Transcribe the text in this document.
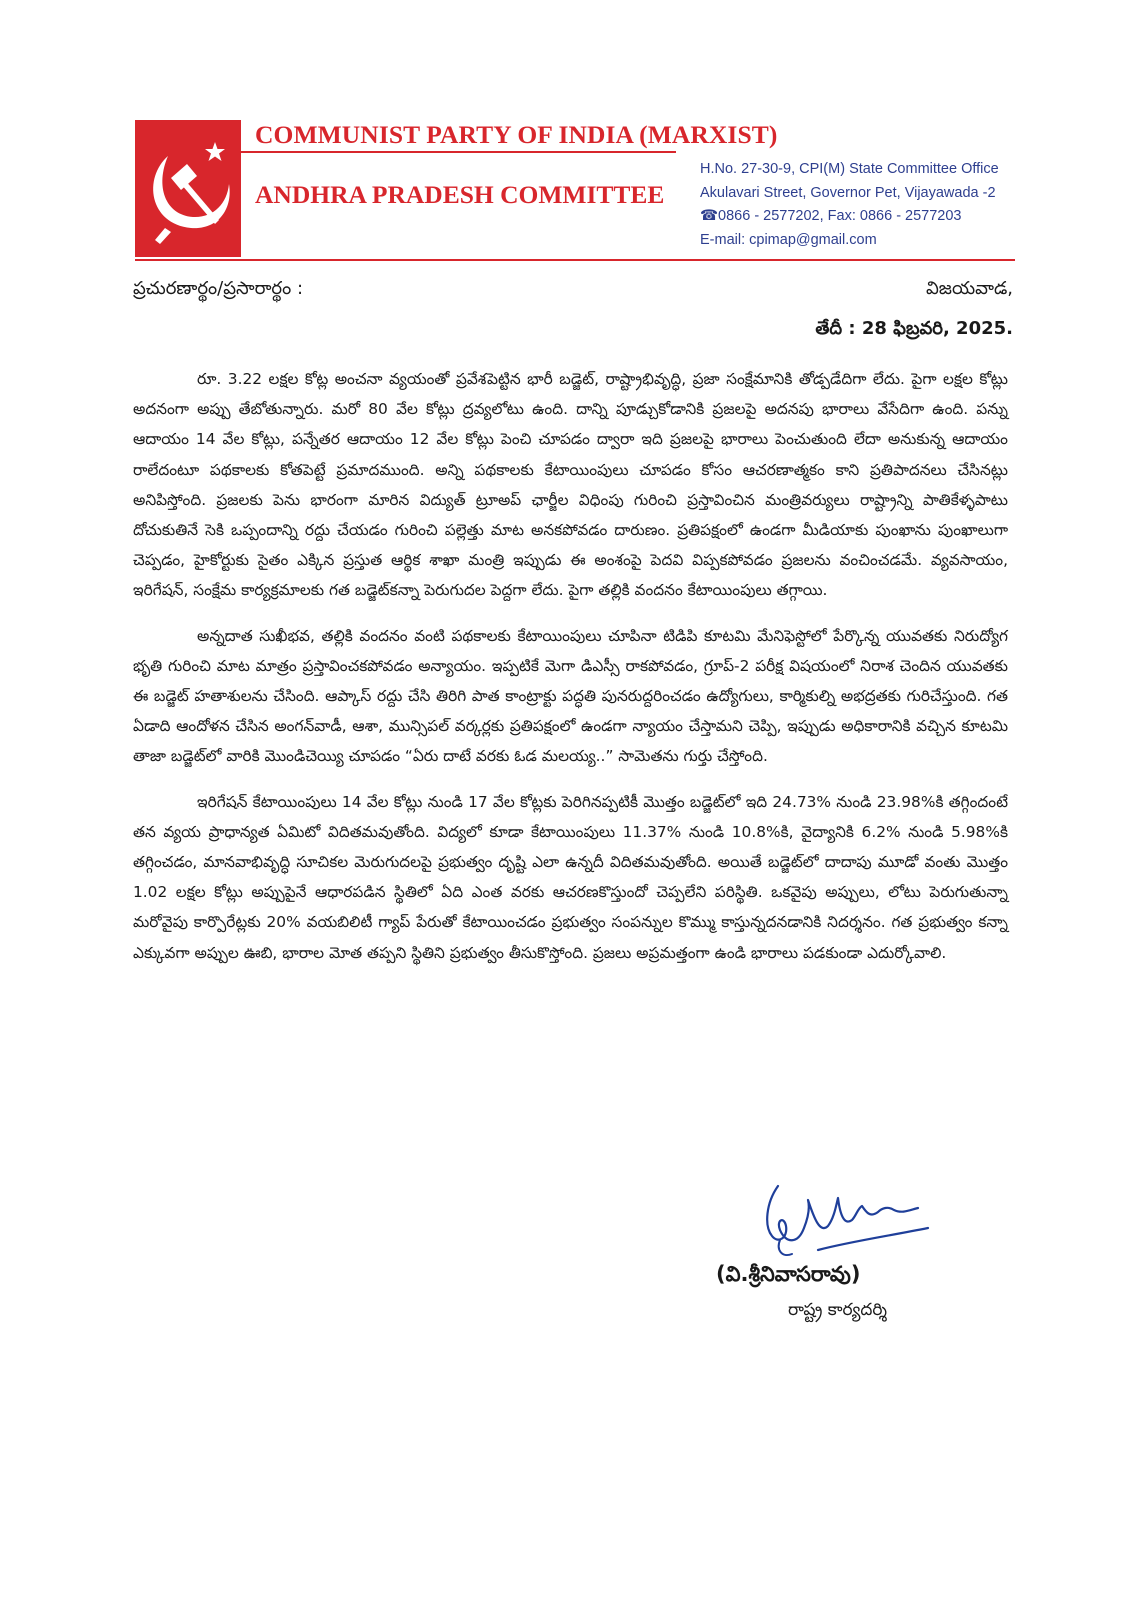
COMMUNIST PARTY OF INDIA (MARXIST)
ANDHRA PRADESH COMMITTEE
H.No. 27-30-9, CPI(M) State Committee Office
Akulavari Street, Governor Pet, Vijayawada -2
☎ 0866 - 2577202, Fax: 0866 - 2577203
E-mail: cpimap@gmail.com
ప్రచురణార్థం/ప్రసారార్థం :	విజయవాడ,
తేదీ : 28 ఫిబ్రవరి, 2025.

రూ. 3.22 లక్షల కోట్ల అంచనా వ్యయంతో ప్రవేశపెట్టిన భారీ బడ్జెట్, రాష్ట్రాభివృద్ధి, ప్రజా సంక్షేమానికి తోడ్పడేదిగా లేదు. పైగా లక్షల కోట్లు అదనంగా అప్పు తేబోతున్నారు. మరో 80 వేల కోట్లు ద్రవ్యలోటు ఉంది. దాన్ని పూడ్చుకోడానికి ప్రజలపై అదనపు భారాలు వేసేదిగా ఉంది. పన్ను ఆదాయం 14 వేల కోట్లు, పన్నేతర ఆదాయం 12 వేల కోట్లు పెంచి చూపడం ద్వారా ఇది ప్రజలపై భారాలు పెంచుతుంది లేదా అనుకున్న ఆదాయం రాలేదంటూ పథకాలకు కోతపెట్టే ప్రమాదముంది. అన్ని పథకాలకు కేటాయింపులు చూపడం కోసం ఆచరణాత్మకం కాని ప్రతిపాదనలు చేసినట్లు అనిపిస్తోంది. ప్రజలకు పెను భారంగా మారిన విద్యుత్ ట్రూఅప్ ఛార్జీల విధింపు గురించి ప్రస్తావించిన మంత్రివర్యులు రాష్ట్రాన్ని పాతికేళ్ళపాటు దోచుకుతినే సెకి ఒప్పందాన్ని రద్దు చేయడం గురించి పల్లెత్తు మాట అనకపోవడం దారుణం. ప్రతిపక్షంలో ఉండగా మీడియాకు పుంఖాను పుంఖాలుగా చెప్పడం, హైకోర్టుకు సైతం ఎక్కిన ప్రస్తుత ఆర్థిక శాఖా మంత్రి ఇప్పుడు ఈ అంశంపై పెదవి విప్పకపోవడం ప్రజలను వంచించడమే. వ్యవసాయం, ఇరిగేషన్, సంక్షేమ కార్యక్రమాలకు గత బడ్జెట్‌కన్నా పెరుగుదల పెద్దగా లేదు. పైగా తల్లికి వందనం కేటాయింపులు తగ్గాయి.

అన్నదాత సుఖీభవ, తల్లికి వందనం వంటి పథకాలకు కేటాయింపులు చూపినా టిడిపి కూటమి మేనిఫెస్టోలో పేర్కొన్న యువతకు నిరుద్యోగ భృతి గురించి మాట మాత్రం ప్రస్తావించకపోవడం అన్యాయం. ఇప్పటికే మెగా డిఎస్సీ రాకపోవడం, గ్రూప్-2 పరీక్ష విషయంలో నిరాశ చెందిన యువతకు ఈ బడ్జెట్ హతాశులను చేసింది. ఆప్కాస్ రద్దు చేసి తిరిగి పాత కాంట్రాక్టు పద్ధతి పునరుద్దరించడం ఉద్యోగులు, కార్మికుల్ని అభద్రతకు గురిచేస్తుంది. గత ఏడాది ఆందోళన చేసిన అంగన్‌వాడీ, ఆశా, మున్సిపల్ వర్కర్లకు ప్రతిపక్షంలో ఉండగా న్యాయం చేస్తామని చెప్పి, ఇప్పుడు అధికారానికి వచ్చిన కూటమి తాజా బడ్జెట్‌లో వారికి మొండిచెయ్యి చూపడం “ఏరు దాటే వరకు ఓడ మలయ్య..” సామెతను గుర్తు చేస్తోంది.

ఇరిగేషన్ కేటాయింపులు 14 వేల కోట్లు నుండి 17 వేల కోట్లకు పెరిగినప్పటికీ మొత్తం బడ్జెట్‌లో ఇది 24.73% నుండి 23.98%కి తగ్గిందంటే తన వ్యయ ప్రాధాన్యత ఏమిటో విదితమవుతోంది. విద్యలో కూడా కేటాయింపులు 11.37% నుండి 10.8%కి, వైద్యానికి 6.2% నుండి 5.98%కి తగ్గించడం, మానవాభివృద్ధి సూచికల మెరుగుదలపై ప్రభుత్వం దృష్టి ఎలా ఉన్నదీ విదితమవుతోంది. అయితే బడ్జెట్‌లో దాదాపు మూడో వంతు మొత్తం 1.02 లక్షల కోట్లు అప్పుపైనే ఆధారపడిన స్థితిలో ఏది ఎంత వరకు ఆచరణకొస్తుందో చెప్పలేని పరిస్థితి. ఒకవైపు అప్పులు, లోటు పెరుగుతున్నా మరోవైపు కార్పొరేట్లకు 20% వయబిలిటీ గ్యాప్ పేరుతో కేటాయించడం ప్రభుత్వం సంపన్నుల కొమ్ము కాస్తున్నదనడానికి నిదర్శనం. గత ప్రభుత్వం కన్నా ఎక్కువగా అప్పుల ఊబి, భారాల మోత తప్పని స్థితిని ప్రభుత్వం తీసుకొస్తోంది. ప్రజలు అప్రమత్తంగా ఉండి భారాలు పడకుండా ఎదుర్కోవాలి.

(వి.శ్రీనివాసరావు)
రాష్ట్ర కార్యదర్శి
